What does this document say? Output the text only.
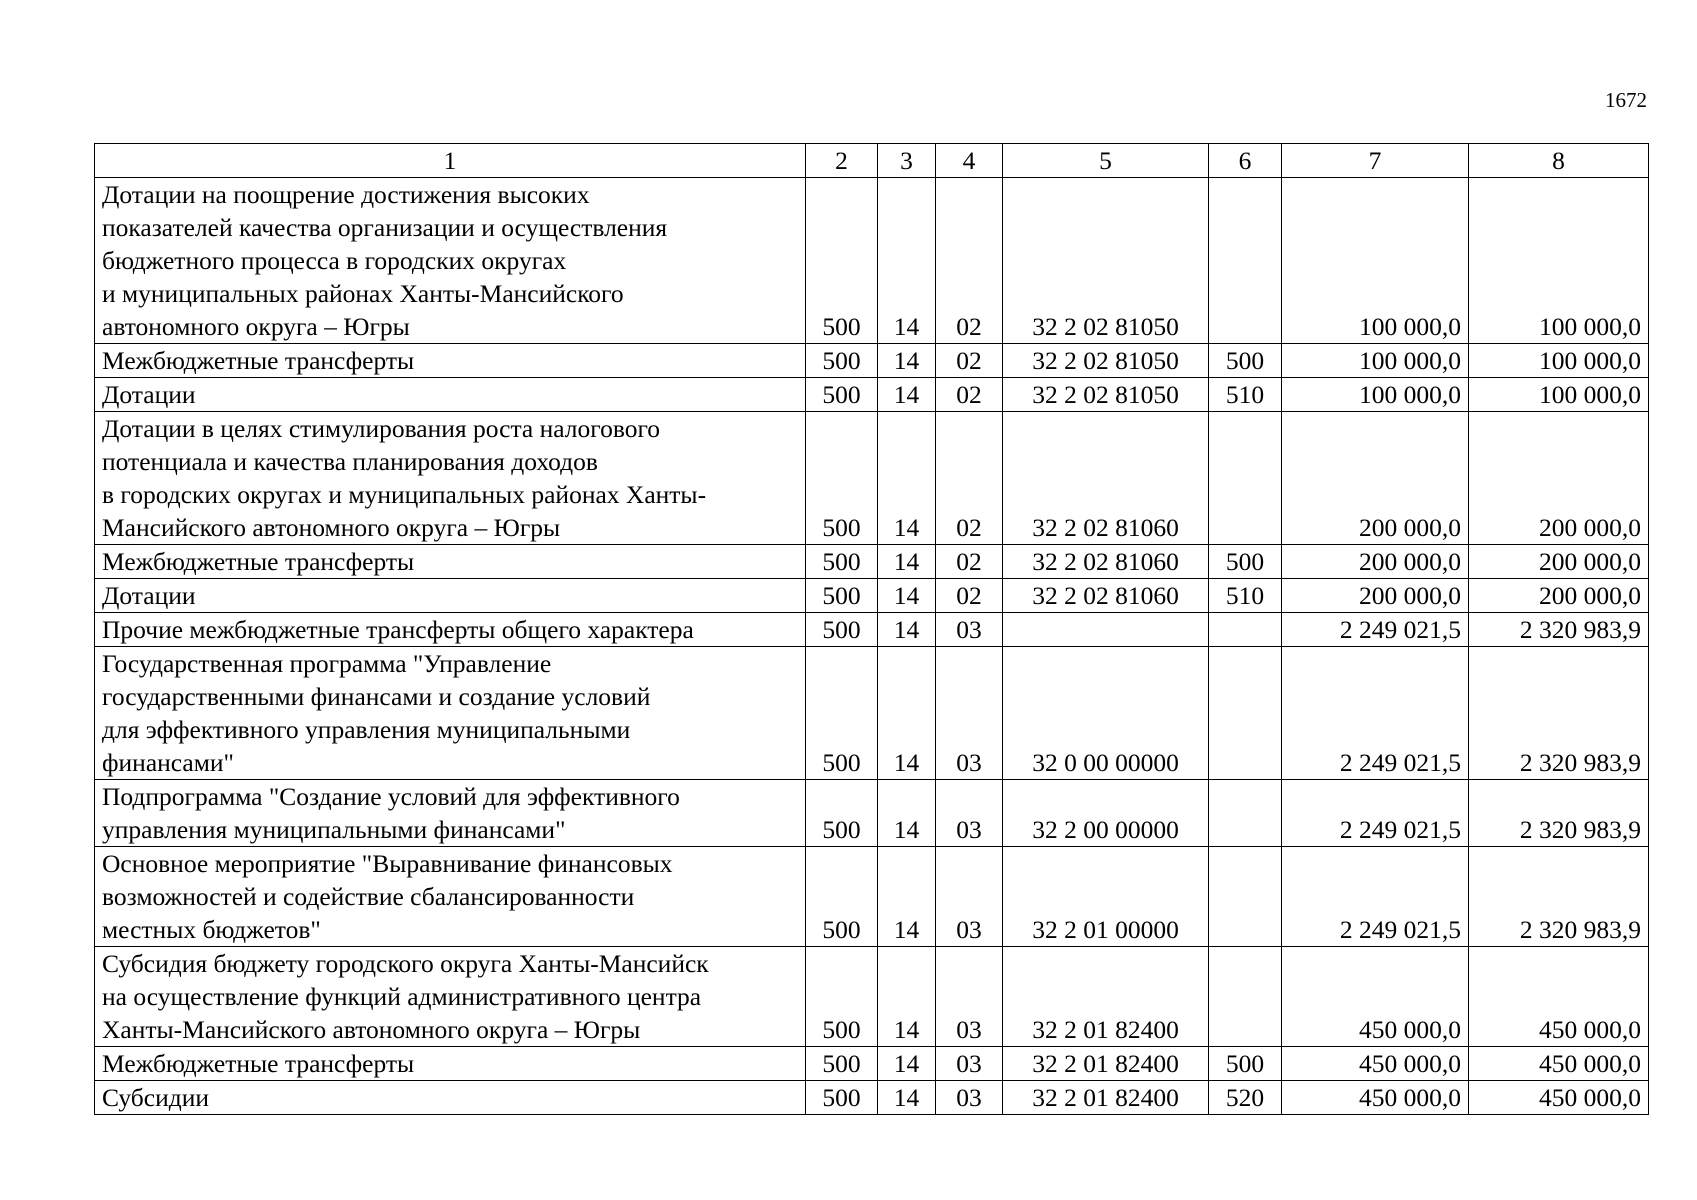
1672
1	2	3	4	5	6	7	8
Дотации на поощрение достижения высоких
показателей качества организации и осуществления
бюджетного процесса в городских округах
и муниципальных районах Ханты-Мансийского
автономного округа – Югры	500	14	02	32 2 02 81050		100 000,0	100 000,0
Межбюджетные трансферты	500	14	02	32 2 02 81050	500	100 000,0	100 000,0
Дотации	500	14	02	32 2 02 81050	510	100 000,0	100 000,0
Дотации в целях стимулирования роста налогового
потенциала и качества планирования доходов
в городских округах и муниципальных районах Ханты-
Мансийского автономного округа – Югры	500	14	02	32 2 02 81060		200 000,0	200 000,0
Межбюджетные трансферты	500	14	02	32 2 02 81060	500	200 000,0	200 000,0
Дотации	500	14	02	32 2 02 81060	510	200 000,0	200 000,0
Прочие межбюджетные трансферты общего характера	500	14	03			2 249 021,5	2 320 983,9
Государственная программа "Управление
государственными финансами и создание условий
для эффективного управления муниципальными
финансами"	500	14	03	32 0 00 00000		2 249 021,5	2 320 983,9
Подпрограмма "Создание условий для эффективного
управления муниципальными финансами"	500	14	03	32 2 00 00000		2 249 021,5	2 320 983,9
Основное мероприятие "Выравнивание финансовых
возможностей и содействие сбалансированности
местных бюджетов"	500	14	03	32 2 01 00000		2 249 021,5	2 320 983,9
Субсидия бюджету городского округа Ханты-Мансийск
на осуществление функций административного центра
Ханты-Мансийского автономного округа – Югры	500	14	03	32 2 01 82400		450 000,0	450 000,0
Межбюджетные трансферты	500	14	03	32 2 01 82400	500	450 000,0	450 000,0
Субсидии	500	14	03	32 2 01 82400	520	450 000,0	450 000,0
